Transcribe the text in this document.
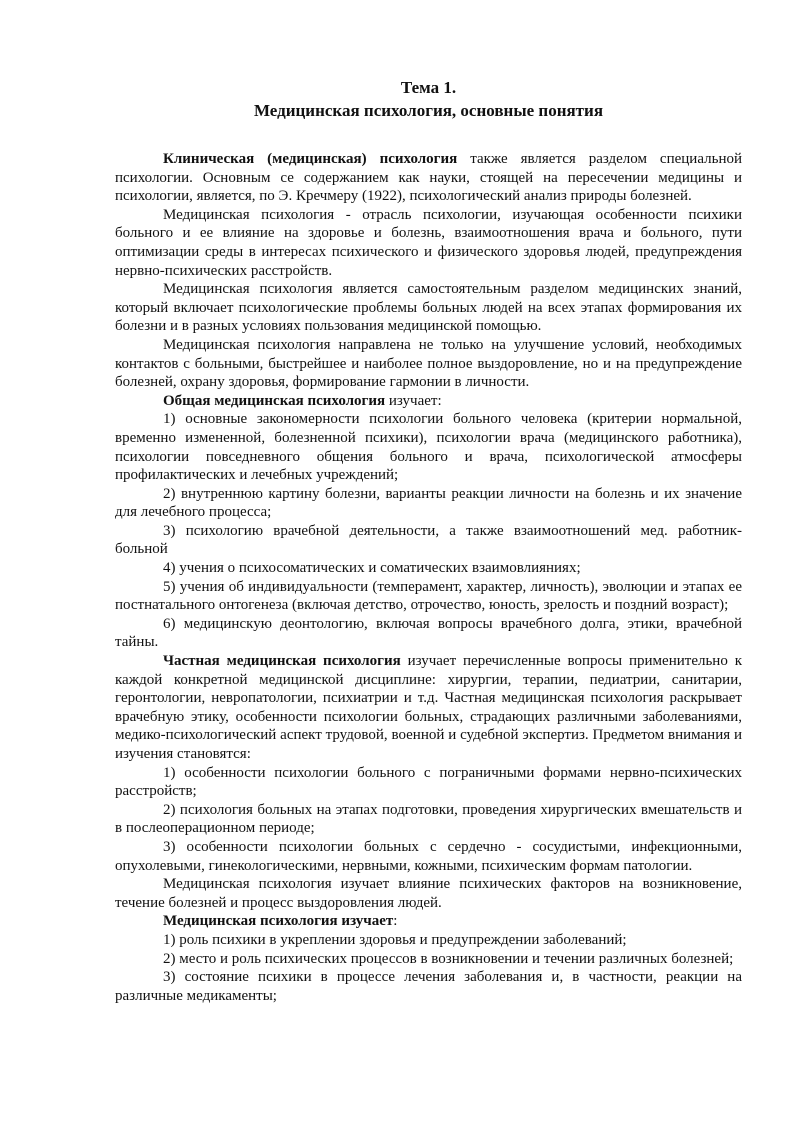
Тема 1.

Медицинская психология, основные понятия

Клиническая (медицинская) психология также является разделом специальной психологии. Основным се содержанием как науки, стоящей на пересечении медицины и психологии, является, по Э. Кречмеру (1922), психологический анализ природы болезней.

Медицинская психология - отрасль психологии, изучающая особенности психики больного и ее влияние на здоровье и болезнь, взаимоотношения врача и больного, пути оптимизации среды в интересах психического и физического здоровья людей, предупреждения нервно-психических расстройств.

Медицинская психология является самостоятельным разделом медицинских знаний, который включает психологические проблемы больных людей на всех этапах формирования их болезни и в разных условиях пользования медицинской помощью.

Медицинская психология направлена не только на улучшение условий, необходимых контактов с больными, быстрейшее и наиболее полное выздоровление, но и на предупреждение болезней, охрану здоровья, формирование гармонии в личности.

Общая медицинская психология изучает:

1) основные закономерности психологии больного человека (критерии нормальной, временно измененной, болезненной психики), психологии врача (медицинского работника), психологии повседневного общения больного и врача, психологической атмосферы профилактических и лечебных учреждений;

2) внутреннюю картину болезни, варианты реакции личности на болезнь и их значение для лечебного процесса;

3) психологию врачебной деятельности, а также взаимоотношений мед. работник-больной

4) учения о психосоматических и соматических взаимовлияниях;

5) учения об индивидуальности (темперамент, характер, личность), эволюции и этапах ее постнатального онтогенеза (включая детство, отрочество, юность, зрелость и поздний возраст);

6) медицинскую деонтологию, включая вопросы врачебного долга, этики, врачебной тайны.

Частная медицинская психология изучает перечисленные вопросы применительно к каждой конкретной медицинской дисциплине: хирургии, терапии, педиатрии, санитарии, геронтологии, невропатологии, психиатрии и т.д. Частная медицинская психология раскрывает врачебную этику, особенности психологии больных, страдающих различными заболеваниями, медико-психологический аспект трудовой, военной и судебной экспертиз. Предметом внимания и изучения становятся:

1) особенности психологии больного с пограничными формами нервно-психических расстройств;

2) психология больных на этапах подготовки, проведения хирургических вмешательств и в послеоперационном периоде;

3) особенности психологии больных с сердечно - сосудистыми, инфекционными, опухолевыми, гинекологическими, нервными, кожными, психическим формам патологии.

Медицинская психология изучает влияние психических факторов на возникновение, течение болезней и процесс выздоровления людей.

Медицинская психология изучает:

1) роль психики в укреплении здоровья и предупреждении заболеваний;

2) место и роль психических процессов в возникновении и течении различных болезней;

3) состояние психики в процессе лечения заболевания и, в частности, реакции на различные медикаменты;
